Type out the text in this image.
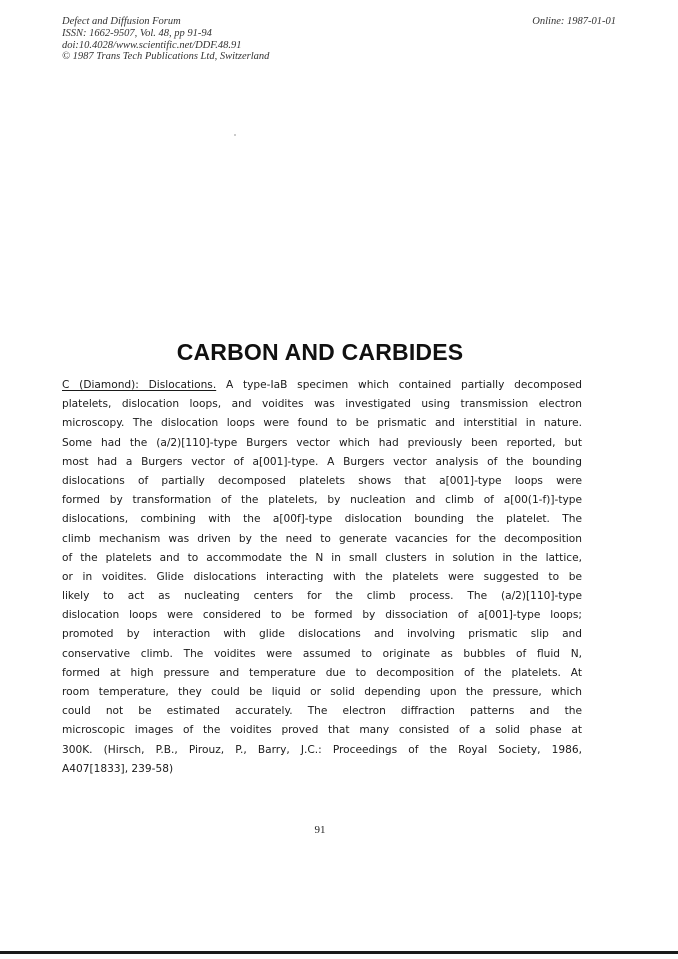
Defect and Diffusion Forum
ISSN: 1662-9507, Vol. 48, pp 91-94
doi:10.4028/www.scientific.net/DDF.48.91
© 1987 Trans Tech Publications Ltd, Switzerland
Online: 1987-01-01
CARBON AND CARBIDES
C (Diamond): Dislocations. A type-IaB specimen which contained partially decomposed
platelets, dislocation loops, and voidites was investigated using transmission electron
microscopy. The dislocation loops were found to be prismatic and interstitial in nature.
Some had the (a/2)[110]-type Burgers vector which had previously been reported, but
most had a Burgers vector of a[001]-type. A Burgers vector analysis of the bounding
dislocations of partially decomposed platelets shows that a[001]-type loops were
formed by transformation of the platelets, by nucleation and climb of a[00(1-f)]-type
dislocations, combining with the a[00f]-type dislocation bounding the platelet. The
climb mechanism was driven by the need to generate vacancies for the decomposition
of the platelets and to accommodate the N in small clusters in solution in the lattice,
or in voidites. Glide dislocations interacting with the platelets were suggested to be
likely to act as nucleating centers for the climb process. The (a/2)[110]-type
dislocation loops were considered to be formed by dissociation of a[001]-type loops;
promoted by interaction with glide dislocations and involving prismatic slip and
conservative climb. The voidites were assumed to originate as bubbles of fluid N,
formed at high pressure and temperature due to decomposition of the platelets. At
room temperature, they could be liquid or solid depending upon the pressure, which
could not be estimated accurately. The electron diffraction patterns and the
microscopic images of the voidites proved that many consisted of a solid phase at
300K. (Hirsch, P.B., Pirouz, P., Barry, J.C.: Proceedings of the Royal Society, 1986,
A407[1833], 239-58)
91
